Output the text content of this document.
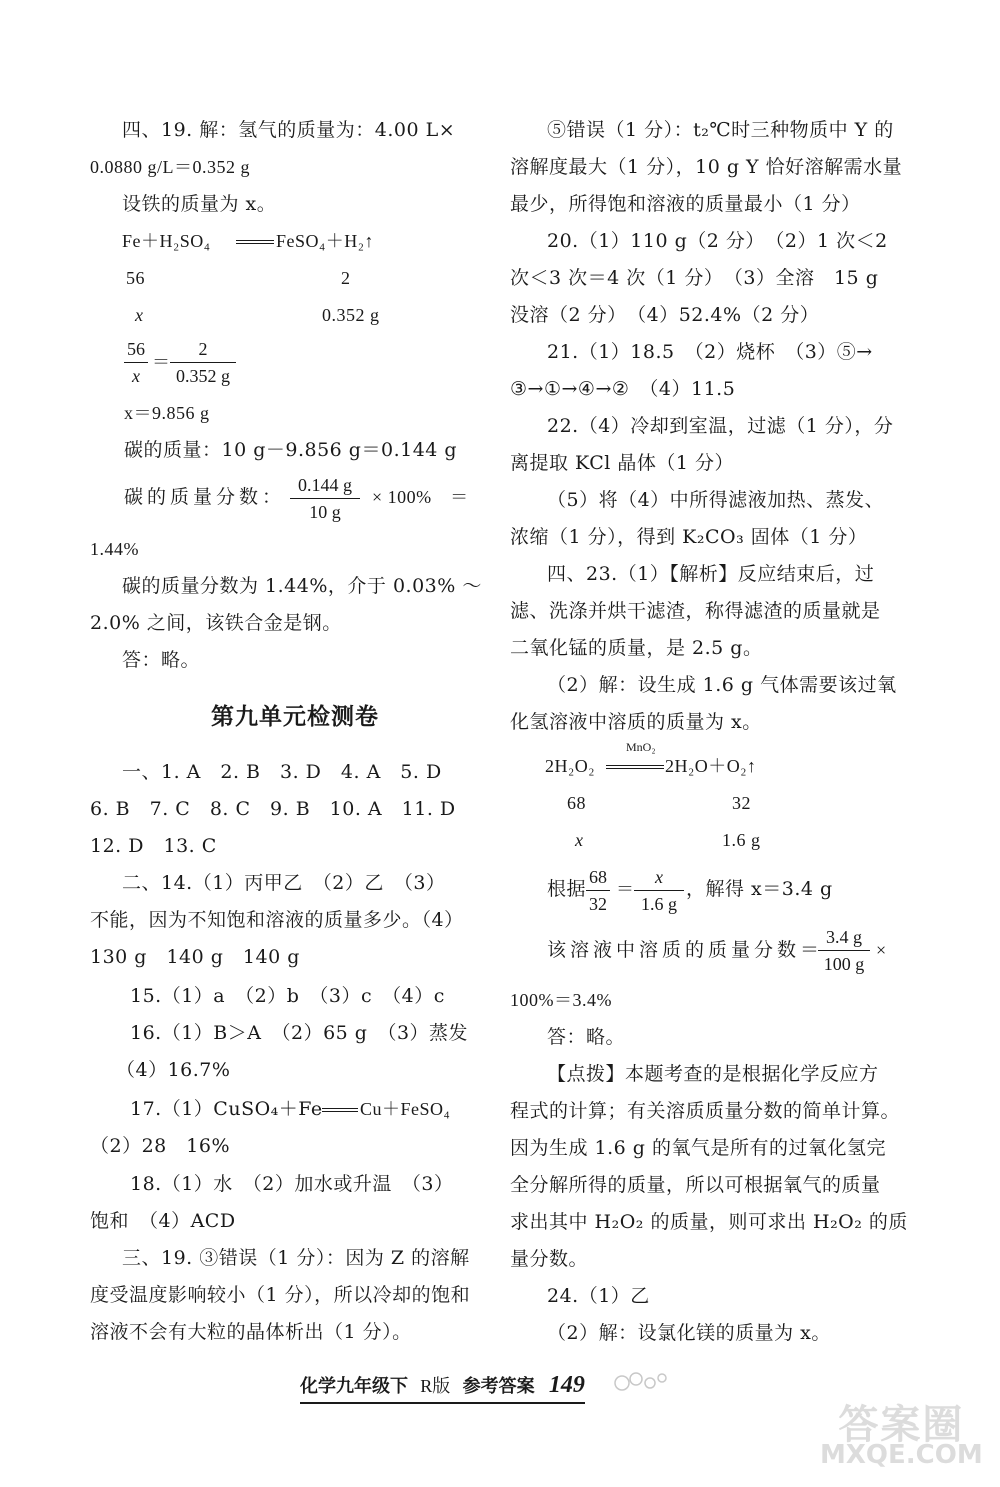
四、19. 解：氢气的质量为：4.00 L×
0.0880 g/L＝0.352 g
设铁的质量为 x。
Fe＋H₂SO₄	FeSO₄＋H₂↑
56	2
x	0.352 g
$\frac{56}{x} = \frac{2}{0.352 g}$
x＝9.856 g
碳的质量：10 g－9.856 g＝0.144 g
碳的质量分数： $\frac{0.144 g}{10 g} \times 100\%$　＝
1.44%
碳的质量分数为 1.44%，介于 0.03% ～
2.0% 之间，该铁合金是钢。
答：略。
第九单元检测卷
一、1. A　2. B　3. D　4. A　5. D
6. B　7. C　8. C　9. B　10. A　11. D
12. D　13. C
二、14.（1）丙甲乙　（2）乙　（3）
不能，因为不知饱和溶液的质量多少。（4）
130 g　140 g　140 g
15.（1）a　（2）b　（3）c　（4）c
16.（1）B＞A　（2）65 g　（3）蒸发
（4）16.7%
17.（1）CuSO₄＋Fe Cu＋FeSO₄
（2）28　16%
18.（1）水　（2）加水或升温　（3）
饱和　（4）ACD
三、19. ③错误（1 分）：因为 Z 的溶解
度受温度影响较小（1 分），所以冷却的饱和
溶液不会有大粒的晶体析出（1 分）。
⑤错误（1 分）：t₂℃时三种物质中 Y 的
溶解度最大（1 分），10 g Y 恰好溶解需水量
最少，所得饱和溶液的质量最小（1 分）
20.（1）110 g（2 分）　（2）1 次＜2
次＜3 次＝4 次（1 分）　（3）全溶　15 g
没溶（2 分）　（4）52.4%（2 分）
21.（1）18.5　（2）烧杯　（3）⑤→
③→①→④→②　（4）11.5
22.（4）冷却到室温，过滤（1 分），分
离提取 KCl 晶体（1 分）
（5）将（4）中所得滤液加热、蒸发、
浓缩（1 分），得到 K₂CO₃ 固体（1 分）
四、23.（1）【解析】反应结束后，过
滤、洗涤并烘干滤渣，称得滤渣的质量就是
二氧化锰的质量，是 2.5 g。
（2）解：设生成 1.6 g 气体需要该过氧
化氢溶液中溶质的质量为 x。
MnO₂
2H₂O₂	2H₂O＋O₂↑
68	32
x	1.6 g
根据 $\frac{68}{32} = \frac{x}{1.6 g}$ ，解得 x＝3.4 g
该溶液中溶质的质量分数＝
$\frac{3.4 g}{100 g}$ ×
100%＝3.4%
答：略。
【点拨】本题考查的是根据化学反应方
程式的计算；有关溶质质量分数的简单计算。
因为生成 1.6 g 的氧气是所有的过氧化氢完
全分解所得的质量，所以可根据氧气的质量
求出其中 H₂O₂ 的质量，则可求出 H₂O₂ 的质
量分数。
24.（1）乙
（2）解：设氯化镁的质量为 x。
化学九年级下 R版 参考答案 149
答案圈
MXQE.COM
